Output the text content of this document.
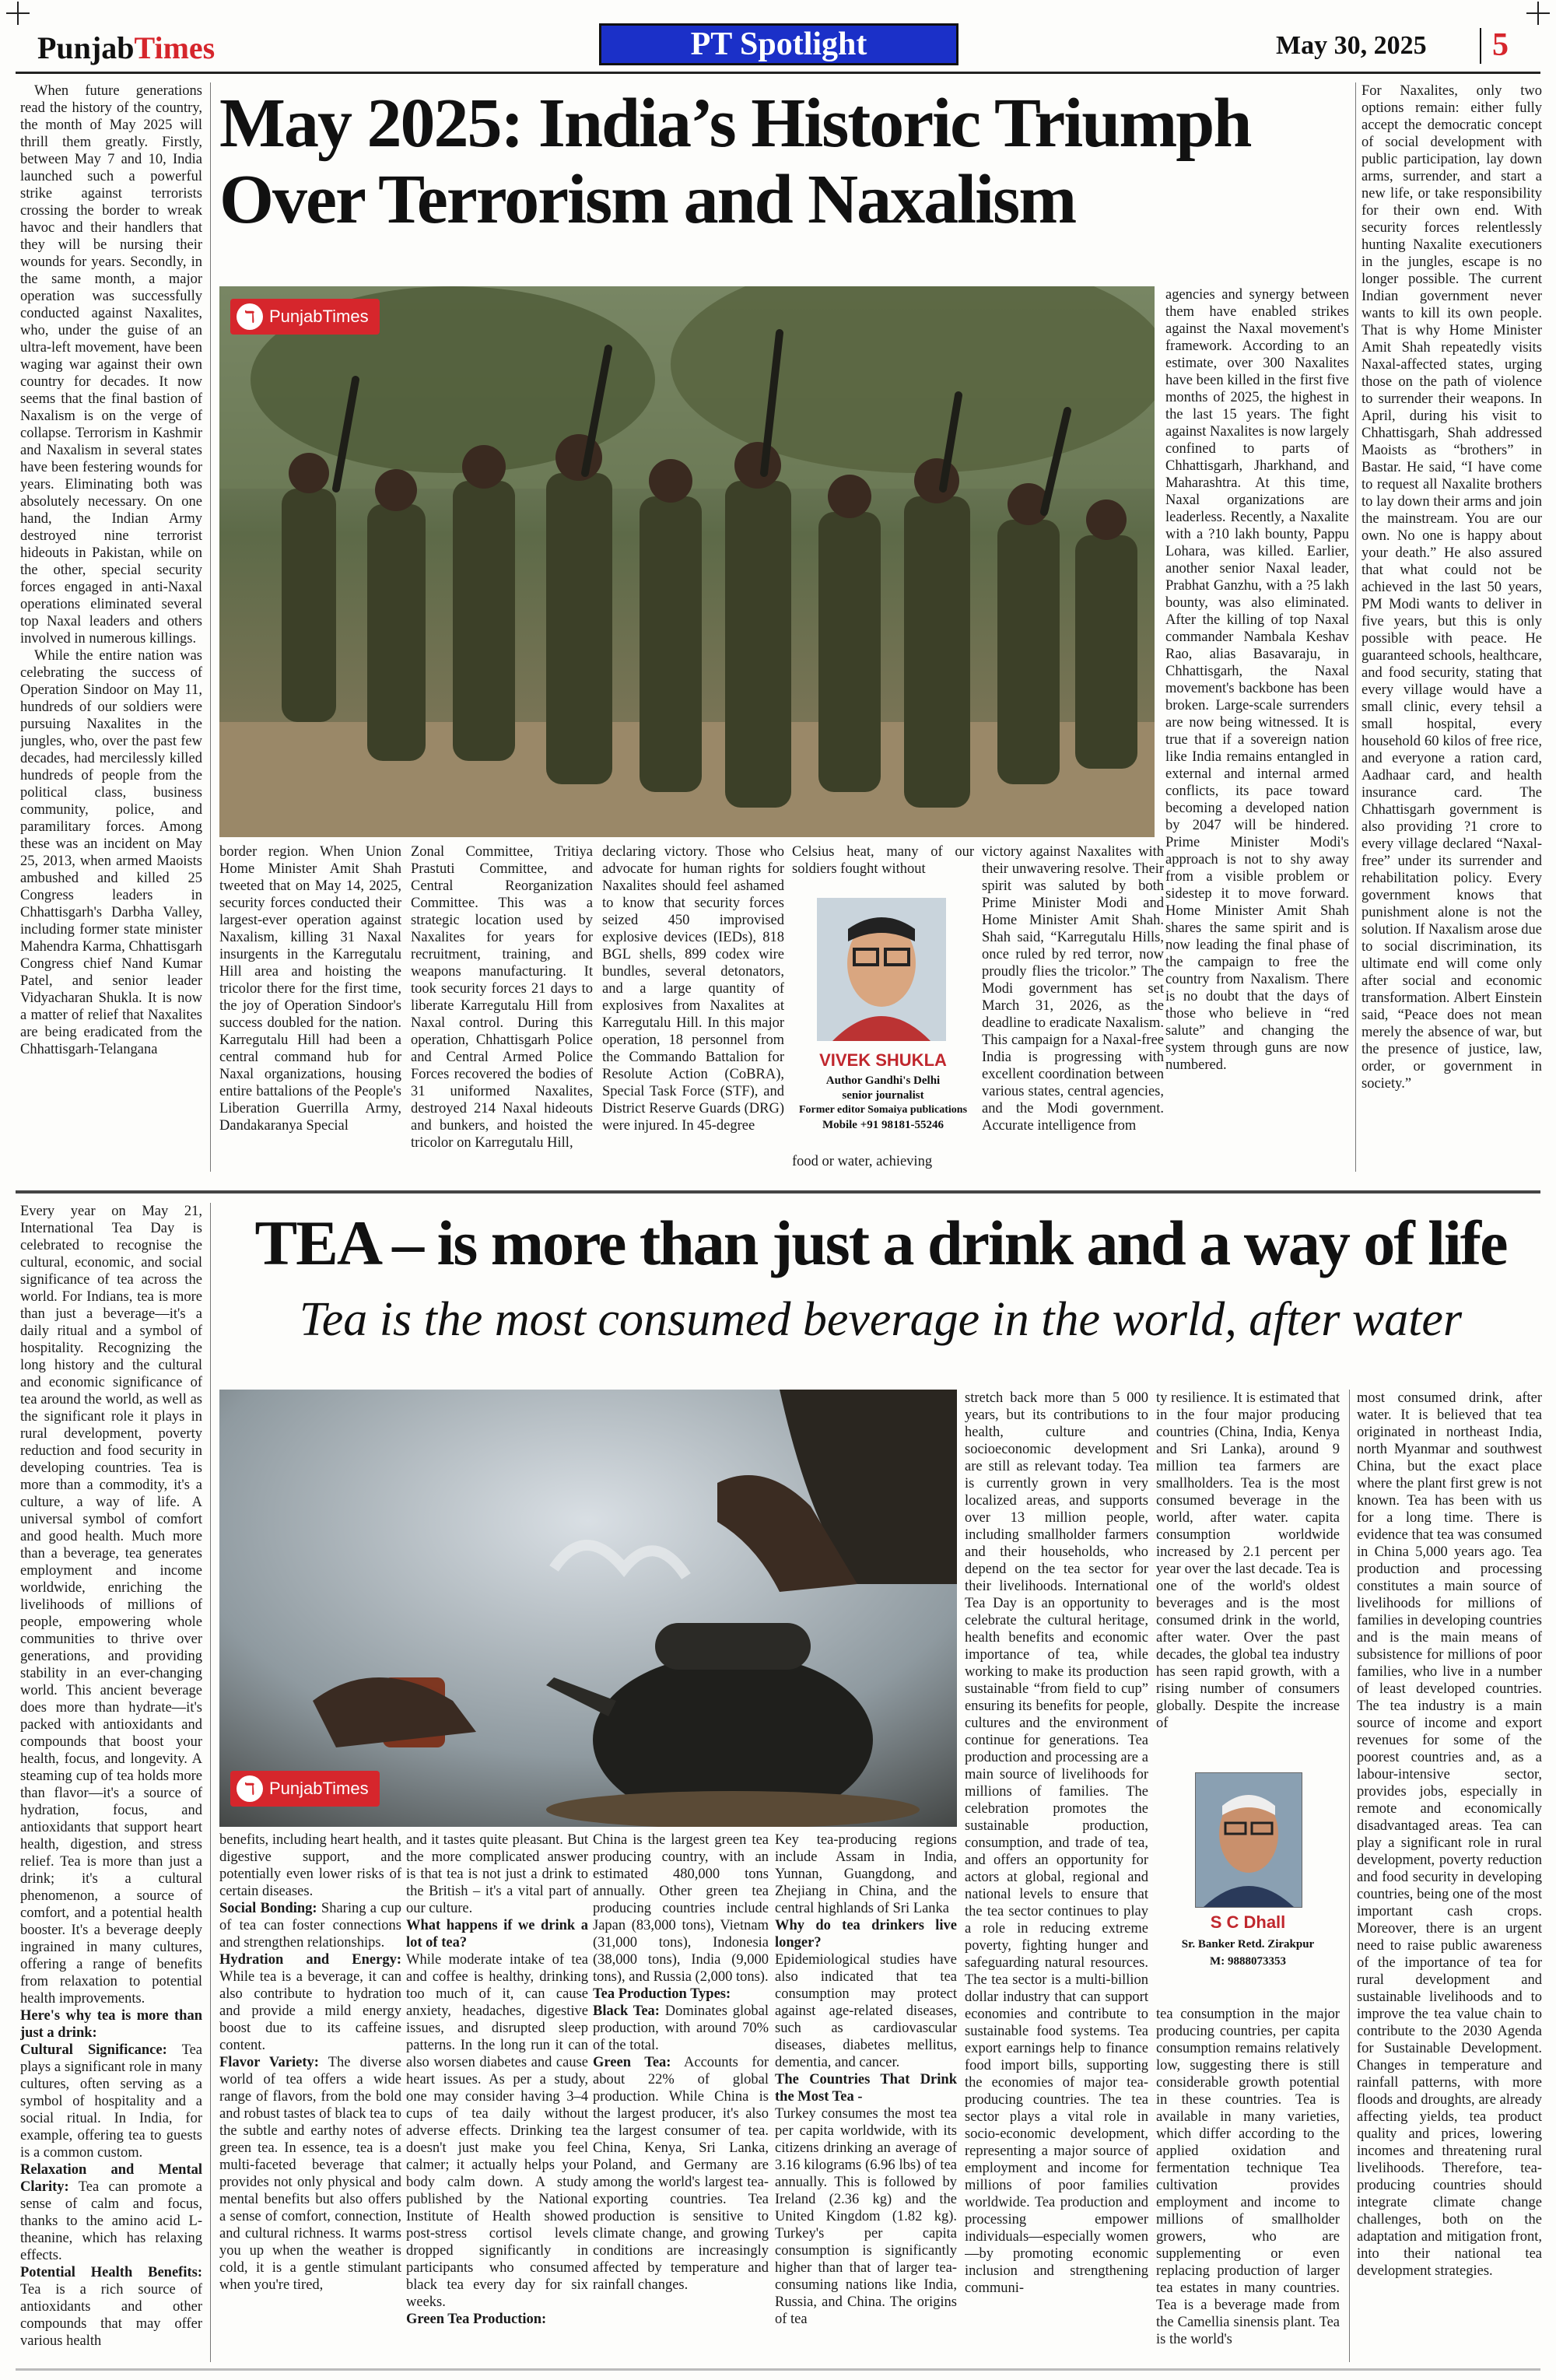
PunjabTimes	PT Spotlight	May 30, 2025 5

When future generations read the history of the country, the month of May 2025 will thrill them greatly. Firstly, between May 7 and 10, India launched such a powerful strike against terrorists crossing the border to wreak havoc and their handlers that they will be nursing their wounds for years. Secondly, in the same month, a major operation was successfully conducted against Naxalites, who, under the guise of an ultra-left movement, have been waging war against their own country for decades. It now seems that the final bastion of Naxalism is on the verge of collapse. Terrorism in Kashmir and Naxalism in several states have been festering wounds for years. Eliminating both was absolutely necessary. On one hand, the Indian Army destroyed nine terrorist hideouts in Pakistan, while on the other, special security forces engaged in anti-Naxal operations eliminated several top Naxal leaders and others involved in numerous killings.

While the entire nation was celebrating the success of Operation Sindoor on May 11, hundreds of our soldiers were pursuing Naxalites in the jungles, who, over the past few decades, had mercilessly killed hundreds of people from the political class, business community, police, and paramilitary forces. Among these was an incident on May 25, 2013, when armed Maoists ambushed and killed 25 Congress leaders in Chhattisgarh's Darbha Valley, including former state minister Mahendra Karma, Chhattisgarh Congress chief Nand Kumar Patel, and senior leader Vidyacharan Shukla. It is now a matter of relief that Naxalites are being eradicated from the Chhattisgarh-Telangana

May 2025: India’s Historic Triumph
Over Terrorism and Naxalism
ℸ PunjabTimes

border region. When Union Home Minister Amit Shah tweeted that on May 14, 2025, security forces conducted their largest-ever operation against Naxalism, killing 31 Naxal insurgents in the Karregutalu Hill area and hoisting the tricolor there for the first time, the joy of Operation Sindoor's success doubled for the nation. Karregutalu Hill had been a central command hub for Naxal organizations, housing entire battalions of the People's Liberation Guerrilla Army, Dandakaranya Special

Zonal Committee, Tritiya Prastuti Committee, and Central Reorganization Committee. This was a strategic location used by Naxalites for years for recruitment, training, and weapons manufacturing. It took security forces 21 days to liberate Karregutalu Hill from Naxal control. During this operation, Chhattisgarh Police and Central Armed Police Forces recovered the bodies of 31 uniformed Naxalites, destroyed 214 Naxal hideouts and bunkers, and hoisted the tricolor on Karregutalu Hill,

declaring victory. Those who advocate for human rights for Naxalites should feel ashamed to know that security forces seized 450 improvised explosive devices (IEDs), 818 BGL shells, 899 codex wire bundles, several detonators, and a large quantity of explosives from Naxalites at Karregutalu Hill. In this major operation, 18 personnel from the Commando Battalion for Resolute Action (CoBRA), Special Task Force (STF), and District Reserve Guards (DRG) were injured. In 45-degree

Celsius heat, many of our soldiers fought without

VIVEK SHUKLA
Author Gandhi's Delhi
senior journalist
Former editor Somaiya publications
Mobile +91 98181-55246

food or water, achieving

victory against Naxalites with their unwavering resolve. Their spirit was saluted by both Prime Minister Modi and Home Minister Amit Shah. Shah said, “Karregutalu Hills, once ruled by red terror, now proudly flies the tricolor.” The Modi government has set March 31, 2026, as the deadline to eradicate Naxalism. This campaign for a Naxal-free India is progressing with excellent coordination between various states, central agencies, and the Modi government. Accurate intelligence from

agencies and synergy between them have enabled strikes against the Naxal movement's framework. According to an estimate, over 300 Naxalites have been killed in the first five months of 2025, the highest in the last 15 years. The fight against Naxalites is now largely confined to parts of Chhattisgarh, Jharkhand, and Maharashtra. At this time, Naxal organizations are leaderless. Recently, a Naxalite with a ?10 lakh bounty, Pappu Lohara, was killed. Earlier, another senior Naxal leader, Prabhat Ganzhu, with a ?5 lakh bounty, was also eliminated. After the killing of top Naxal commander Nambala Keshav Rao, alias Basavaraju, in Chhattisgarh, the Naxal movement's backbone has been broken. Large-scale surrenders are now being witnessed. It is true that if a sovereign nation like India remains entangled in external and internal armed conflicts, its pace toward becoming a developed nation by 2047 will be hindered. Prime Minister Modi's approach is not to shy away from a visible problem or sidestep it to move forward. Home Minister Amit Shah shares the same spirit and is now leading the final phase of the campaign to free the country from Naxalism. There is no doubt that the days of those who believe in “red salute” and changing the system through guns are now numbered.

For Naxalites, only two options remain: either fully accept the democratic concept of social development with public participation, lay down arms, surrender, and start a new life, or take responsibility for their own end. With security forces relentlessly hunting Naxalite executioners in the jungles, escape is no longer possible. The current Indian government never wants to kill its own people. That is why Home Minister Amit Shah repeatedly visits Naxal-affected states, urging those on the path of violence to surrender their weapons. In April, during his visit to Chhattisgarh, Shah addressed Maoists as “brothers” in Bastar. He said, “I have come to request all Naxalite brothers to lay down their arms and join the mainstream. You are our own. No one is happy about your death.” He also assured that what could not be achieved in the last 50 years, PM Modi wants to deliver in five years, but this is only possible with peace. He guaranteed schools, healthcare, and food security, stating that every village would have a small clinic, every tehsil a small hospital, every household 60 kilos of free rice, and everyone a ration card, Aadhaar card, and health insurance card. The Chhattisgarh government is also providing ?1 crore to every village declared “Naxal-free” under its surrender and rehabilitation policy. Every government knows that punishment alone is not the solution. If Naxalism arose due to social discrimination, its ultimate end will come only after social and economic transformation. Albert Einstein said, “Peace does not mean merely the absence of war, but the presence of justice, law, order, or government in society.”

Every year on May 21, International Tea Day is celebrated to recognise the cultural, economic, and social significance of tea across the world. For Indians, tea is more than just a beverage—it's a daily ritual and a symbol of hospitality. Recognizing the long history and the cultural and economic significance of tea around the world, as well as the significant role it plays in rural development, poverty reduction and food security in developing countries. Tea is more than a commodity, it's a culture, a way of life. A universal symbol of comfort and good health. Much more than a beverage, tea generates employment and income worldwide, enriching the livelihoods of millions of people, empowering whole communities to thrive over generations, and providing stability in an ever-changing world. This ancient beverage does more than hydrate—it's packed with antioxidants and compounds that boost your health, focus, and longevity. A steaming cup of tea holds more than flavor—it's a source of hydration, focus, and antioxidants that support heart health, digestion, and stress relief. Tea is more than just a drink; it's a cultural phenomenon, a source of comfort, and a potential health booster. It's a beverage deeply ingrained in many cultures, offering a range of benefits from relaxation to potential health improvements.

Here's why tea is more than just a drink:

Cultural Significance: Tea plays a significant role in many cultures, often serving as a symbol of hospitality and a social ritual. In India, for example, offering tea to guests is a common custom.

Relaxation and Mental Clarity: Tea can promote a sense of calm and focus, thanks to the amino acid L-theanine, which has relaxing effects.

Potential Health Benefits: Tea is a rich source of antioxidants and other compounds that may offer various health

TEA – is more than just a drink and a way of life
Tea is the most consumed beverage in the world, after water
ℸ PunjabTimes

benefits, including heart health, digestive support, and potentially even lower risks of certain diseases.

Social Bonding: Sharing a cup of tea can foster connections and strengthen relationships.

Hydration and Energy: While tea is a beverage, it can also contribute to hydration and provide a mild energy boost due to its caffeine content.

Flavor Variety: The diverse world of tea offers a wide range of flavors, from the bold and robust tastes of black tea to the subtle and earthy notes of green tea. In essence, tea is a multi-faceted beverage that provides not only physical and mental benefits but also offers a sense of comfort, connection, and cultural richness. It warms you up when the weather is cold, it is a gentle stimulant when you're tired,

and it tastes quite pleasant. But the more complicated answer is that tea is not just a drink to the British – it's a vital part of our culture.

What happens if we drink a lot of tea?

While moderate intake of tea and coffee is healthy, drinking too much of it, can cause anxiety, headaches, digestive issues, and disrupted sleep patterns. In the long run it can also worsen diabetes and cause heart issues. As per a study, one may consider having 3–4 cups of tea daily without adverse effects. Drinking tea doesn't just make you feel calmer; it actually helps your body calm down. A study published by the National Institute of Health showed post-stress cortisol levels dropped significantly in participants who consumed black tea every day for six weeks.

Green Tea Production:

China is the largest green tea producing country, with an estimated 480,000 tons annually. Other green tea producing countries include Japan (83,000 tons), Vietnam (31,000 tons), Indonesia (38,000 tons), India (9,000 tons), and Russia (2,000 tons).

Tea Production Types:

Black Tea: Dominates global production, with around 70% of the total.

Green Tea: Accounts for about 22% of global production. While China is the largest producer, it's also the largest consumer of tea. China, Kenya, Sri Lanka, Poland, and Germany are among the world's largest tea-exporting countries. Tea production is sensitive to climate change, and growing conditions are increasingly affected by temperature and rainfall changes.

Key tea-producing regions include Assam in India, Yunnan, Guangdong, and Zhejiang in China, and the central highlands of Sri Lanka

Why do tea drinkers live longer?

Epidemiological studies have also indicated that tea consumption may protect against age-related diseases, such as cardiovascular diseases, diabetes mellitus, dementia, and cancer.

The Countries That Drink the Most Tea -

Turkey consumes the most tea per capita worldwide, with its citizens drinking an average of 3.16 kilograms (6.96 lbs) of tea annually. This is followed by Ireland (2.36 kg) and the United Kingdom (1.82 kg). Turkey's per capita consumption is significantly higher than that of larger tea-consuming nations like India, Russia, and China. The origins of tea

stretch back more than 5 000 years, but its contributions to health, culture and socioeconomic development are still as relevant today. Tea is currently grown in very localized areas, and supports over 13 million people, including smallholder farmers and their households, who depend on the tea sector for their livelihoods. International Tea Day is an opportunity to celebrate the cultural heritage, health benefits and economic importance of tea, while working to make its production sustainable “from field to cup” ensuring its benefits for people, cultures and the environment continue for generations. Tea production and processing are a main source of livelihoods for millions of families. The celebration promotes the sustainable production, consumption, and trade of tea, and offers an opportunity for actors at global, regional and national levels to ensure that the tea sector continues to play a role in reducing extreme poverty, fighting hunger and safeguarding natural resources. The tea sector is a multi-billion dollar industry that can support economies and contribute to sustainable food systems. Tea export earnings help to finance food import bills, supporting the economies of major tea-producing countries. The tea sector plays a vital role in socio-economic development, representing a major source of employment and income for millions of poor families worldwide. Tea production and processing empower individuals—especially women—by promoting economic inclusion and strengthening communi-

ty resilience. It is estimated that in the four major producing countries (China, India, Kenya and Sri Lanka), around 9 million tea farmers are smallholders. Tea is the most consumed beverage in the world, after water. capita consumption worldwide increased by 2.1 percent per year over the last decade. Tea is one of the world's oldest beverages and is the most consumed drink in the world, after water. Over the past decades, the global tea industry has seen rapid growth, with a rising number of consumers globally. Despite the increase of

S C Dhall
Sr. Banker Retd. Zirakpur
M: 9888073353

tea consumption in the major producing countries, per capita consumption remains relatively low, suggesting there is still considerable growth potential in these countries. Tea is available in many varieties, which differ according to the applied oxidation and fermentation technique Tea cultivation provides employment and income to millions of smallholder growers, who are supplementing or even replacing production of larger tea estates in many countries. Tea is a beverage made from the Camellia sinensis plant. Tea is the world's

most consumed drink, after water. It is believed that tea originated in northeast India, north Myanmar and southwest China, but the exact place where the plant first grew is not known. Tea has been with us for a long time. There is evidence that tea was consumed in China 5,000 years ago. Tea production and processing constitutes a main source of livelihoods for millions of families in developing countries and is the main means of subsistence for millions of poor families, who live in a number of least developed countries. The tea industry is a main source of income and export revenues for some of the poorest countries and, as a labour-intensive sector, provides jobs, especially in remote and economically disadvantaged areas. Tea can play a significant role in rural development, poverty reduction and food security in developing countries, being one of the most important cash crops. Moreover, there is an urgent need to raise public awareness of the importance of tea for rural development and sustainable livelihoods and to improve the tea value chain to contribute to the 2030 Agenda for Sustainable Development. Changes in temperature and rainfall patterns, with more floods and droughts, are already affecting yields, tea product quality and prices, lowering incomes and threatening rural livelihoods. Therefore, tea-producing countries should integrate climate change challenges, both on the adaptation and mitigation front, into their national tea development strategies.
